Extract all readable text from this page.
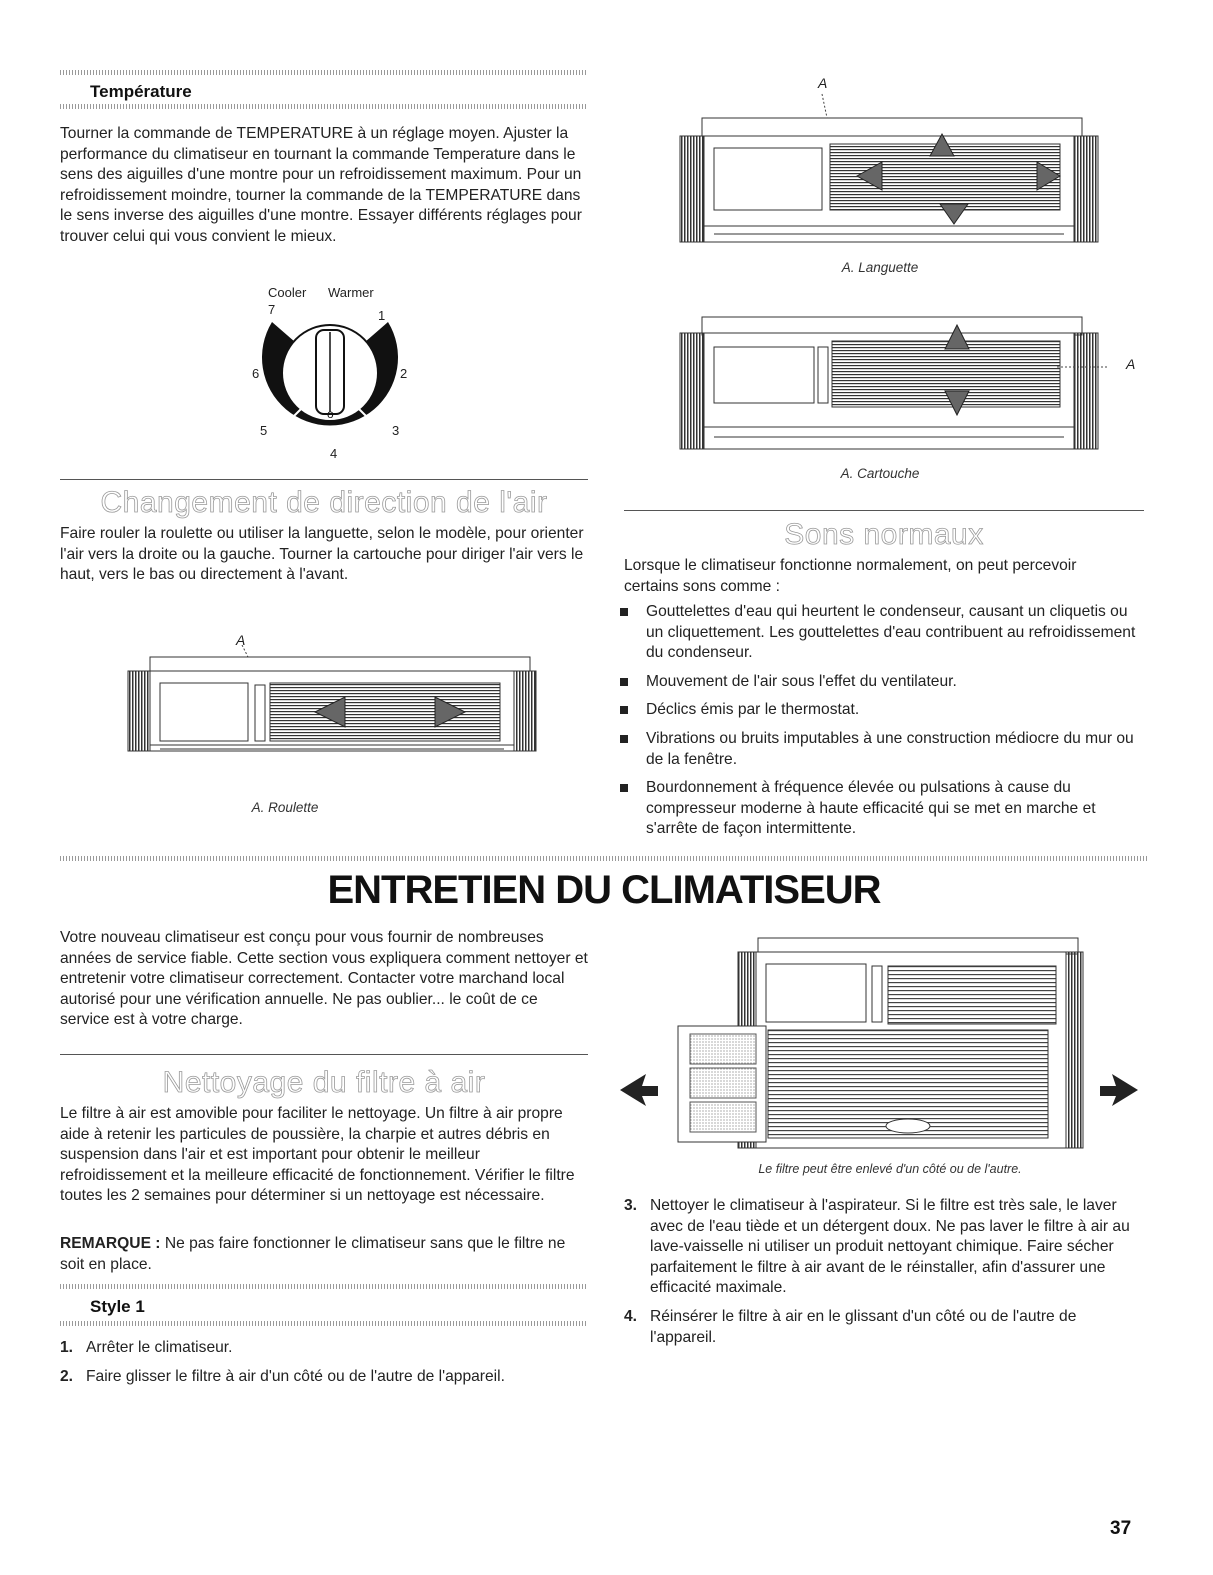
Température
Tourner la commande de TEMPERATURE à un réglage moyen. Ajuster la performance du climatiseur en tournant la commande Temperature dans le sens des aiguilles d'une montre pour un refroidissement maximum. Pour un refroidissement moindre, tourner la commande de la TEMPERATURE dans le sens inverse des aiguilles d'une montre. Essayer différents réglages pour trouver celui qui vous convient le mieux.
Cooler Warmer
7	1
6	2
5	3
4
o
Changement de direction de l'air
Faire rouler la roulette ou utiliser la languette, selon le modèle, pour orienter l'air vers la droite ou la gauche. Tourner la cartouche pour diriger l'air vers le haut, vers le bas ou directement à l'avant.
A
A. Roulette
A
A. Languette
A
A. Cartouche
Sons normaux
Lorsque le climatiseur fonctionne normalement, on peut percevoir certains sons comme :
Gouttelettes d'eau qui heurtent le condenseur, causant un cliquetis ou un cliquettement. Les gouttelettes d'eau contribuent au refroidissement du condenseur.
Mouvement de l'air sous l'effet du ventilateur.
Déclics émis par le thermostat.
Vibrations ou bruits imputables à une construction médiocre du mur ou de la fenêtre.
Bourdonnement à fréquence élevée ou pulsations à cause du compresseur moderne à haute efficacité qui se met en marche et s'arrête de façon intermittente.
ENTRETIEN DU CLIMATISEUR
Votre nouveau climatiseur est conçu pour vous fournir de nombreuses années de service fiable. Cette section vous expliquera comment nettoyer et entretenir votre climatiseur correctement. Contacter votre marchand local autorisé pour une vérification annuelle. Ne pas oublier... le coût de ce service est à votre charge.
Nettoyage du filtre à air
Le filtre à air est amovible pour faciliter le nettoyage. Un filtre à air propre aide à retenir les particules de poussière, la charpie et autres débris en suspension dans l'air et est important pour obtenir le meilleur refroidissement et la meilleure efficacité de fonctionnement. Vérifier le filtre toutes les 2 semaines pour déterminer si un nettoyage est nécessaire.
REMARQUE : Ne pas faire fonctionner le climatiseur sans que le filtre ne soit en place.
Style 1
1. Arrêter le climatiseur.
2. Faire glisser le filtre à air d'un côté ou de l'autre de l'appareil.
Le filtre peut être enlevé d'un côté ou de l'autre.
3. Nettoyer le climatiseur à l'aspirateur. Si le filtre est très sale, le laver avec de l'eau tiède et un détergent doux. Ne pas laver le filtre à air au lave-vaisselle ni utiliser un produit nettoyant chimique. Faire sécher parfaitement le filtre à air avant de le réinstaller, afin d'assurer une efficacité maximale.
4. Réinsérer le filtre à air en le glissant d'un côté ou de l'autre de l'appareil.
37
